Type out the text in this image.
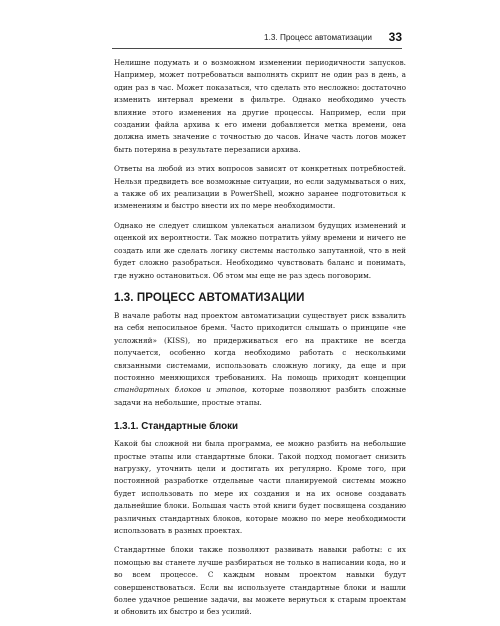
1.3. Процесс автоматизации 33

Нелишне подумать и о возможном изменении периодичности запусков. Например, может потребоваться выполнять скрипт не один раз в день, а один раз в час. Может показаться, что сделать это несложно: достаточно изменить интервал времени в фильтре. Однако необходимо учесть влияние этого изменения на другие процессы. Например, если при создании файла архива к его имени добавляется метка времени, она должна иметь значение с точностью до часов. Иначе часть логов может быть потеряна в результате перезаписи архива.

Ответы на любой из этих вопросов зависят от конкретных потребностей. Нельзя предвидеть все возможные ситуации, но если задумываться о них, а также об их реализации в PowerShell, можно заранее подготовиться к изменениям и быстро внести их по мере необходимости.

Однако не следует слишком увлекаться анализом будущих изменений и оценкой их вероятности. Так можно потратить уйму времени и ничего не создать или же сделать логику системы настолько запутанной, что в ней будет сложно разобраться. Необходимо чувствовать баланс и понимать, где нужно остановиться. Об этом мы еще не раз здесь поговорим.

1.3. ПРОЦЕСС АВТОМАТИЗАЦИИ

В начале работы над проектом автоматизации существует риск взвалить на себя непосильное бремя. Часто приходится слышать о принципе «не усложняй» (KISS), но придерживаться его на практике не всегда получается, особенно когда необходимо работать с несколькими связанными системами, использовать сложную логику, да еще и при постоянно меняющихся требованиях. На помощь приходят концепции стандартных блоков и этапов, которые позволяют разбить сложные задачи на небольшие, простые этапы.

1.3.1. Стандартные блоки

Какой бы сложной ни была программа, ее можно разбить на небольшие простые этапы или стандартные блоки. Такой подход помогает снизить нагрузку, уточнить цели и достигать их регулярно. Кроме того, при постоянной разработке отдельные части планируемой системы можно будет использовать по мере их создания и на их основе создавать дальнейшие блоки. Большая часть этой книги будет посвящена созданию различных стандартных блоков, которые можно по мере необходимости использовать в разных проектах.

Стандартные блоки также позволяют развивать навыки работы: с их помощью вы станете лучше разбираться не только в написании кода, но и во всем процессе. С каждым новым проектом навыки будут совершенствоваться. Если вы используете стандартные блоки и нашли более удачное решение задачи, вы можете вернуться к старым проектам и обновить их быстро и без усилий.
